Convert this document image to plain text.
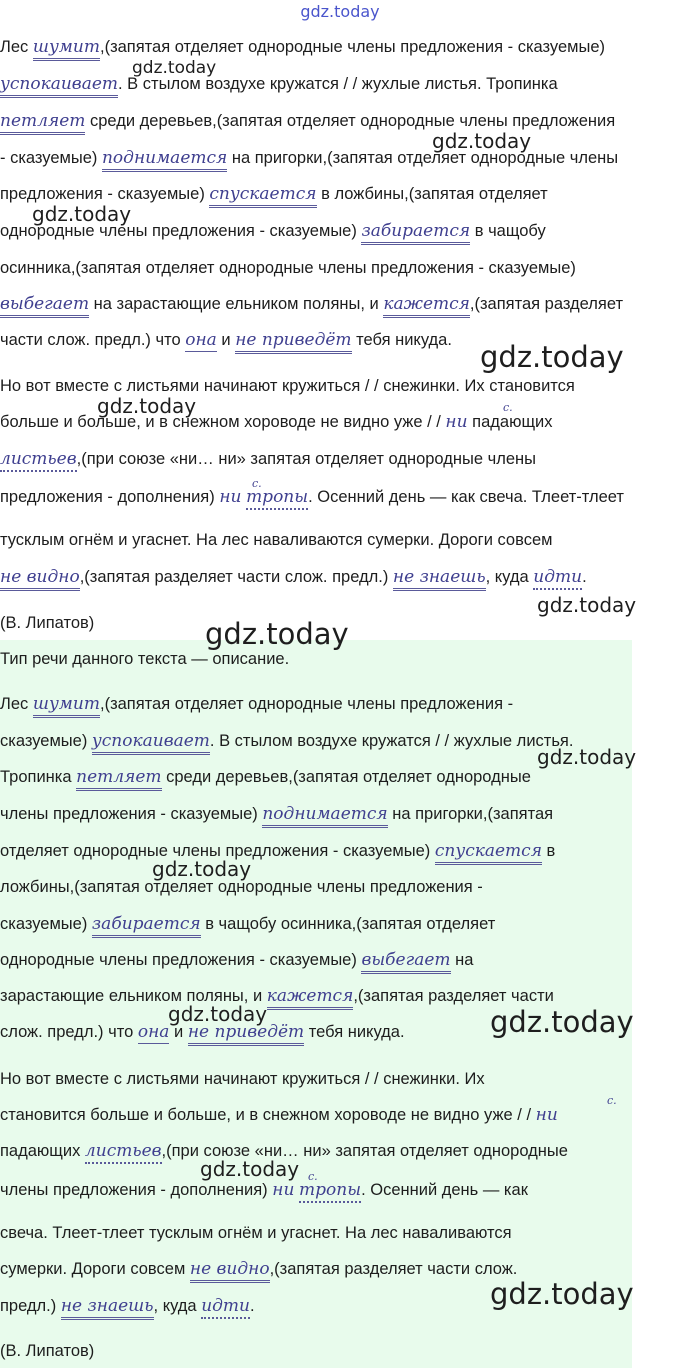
gdz.today
Лес шумит,(запятая отделяет однородные члены предложения - сказуемые)
успокаивает. В стылом воздухе кружатся / / жухлые листья. Тропинка
петляет среди деревьев,(запятая отделяет однородные члены предложения
- сказуемые) поднимается на пригорки,(запятая отделяет однородные члены
предложения - сказуемые) спускается в ложбины,(запятая отделяет
однородные члены предложения - сказуемые) забирается в чащобу
осинника,(запятая отделяет однородные члены предложения - сказуемые)
выбегает на зарастающие ельником поляны, и кажется,(запятая разделяет
части слож. предл.) что она и не приведёт тебя никуда.
Но вот вместе с листьями начинают кружиться / / снежинки. Их становится
больше и больше, и в снежном хороводе не видно уже / / ни падающих
с.
листьев,(при союзе «ни… ни» запятая отделяет однородные члены
предложения - дополнения) ни тропы. Осенний день — как свеча. Тлеет-тлеет
с.
тусклым огнём и угаснет. На лес наваливаются сумерки. Дороги совсем
не видно,(запятая разделяет части слож. предл.) не знаешь, куда идти.
(В. Липатов)
Тип речи данного текста — описание.
Лес шумит,(запятая отделяет однородные члены предложения -
сказуемые) успокаивает. В стылом воздухе кружатся / / жухлые листья.
Тропинка петляет среди деревьев,(запятая отделяет однородные
члены предложения - сказуемые) поднимается на пригорки,(запятая
отделяет однородные члены предложения - сказуемые) спускается в
ложбины,(запятая отделяет однородные члены предложения -
сказуемые) забирается в чащобу осинника,(запятая отделяет
однородные члены предложения - сказуемые) выбегает на
зарастающие ельником поляны, и кажется,(запятая разделяет части
слож. предл.) что она и не приведёт тебя никуда.
Но вот вместе с листьями начинают кружиться / / снежинки. Их
становится больше и больше, и в снежном хороводе не видно уже / / ни
с.
падающих листьев,(при союзе «ни… ни» запятая отделяет однородные
члены предложения - дополнения) ни тропы. Осенний день — как
с.
свеча. Тлеет-тлеет тусклым огнём и угаснет. На лес наваливаются
сумерки. Дороги совсем не видно,(запятая разделяет части слож.
предл.) не знаешь, куда идти.
(В. Липатов)
gdz.today
gdz.today
gdz.today
gdz.today
gdz.today
gdz.today
gdz.today
gdz.today
gdz.today
gdz.today	gdz.today
gdz.today
gdz.today
